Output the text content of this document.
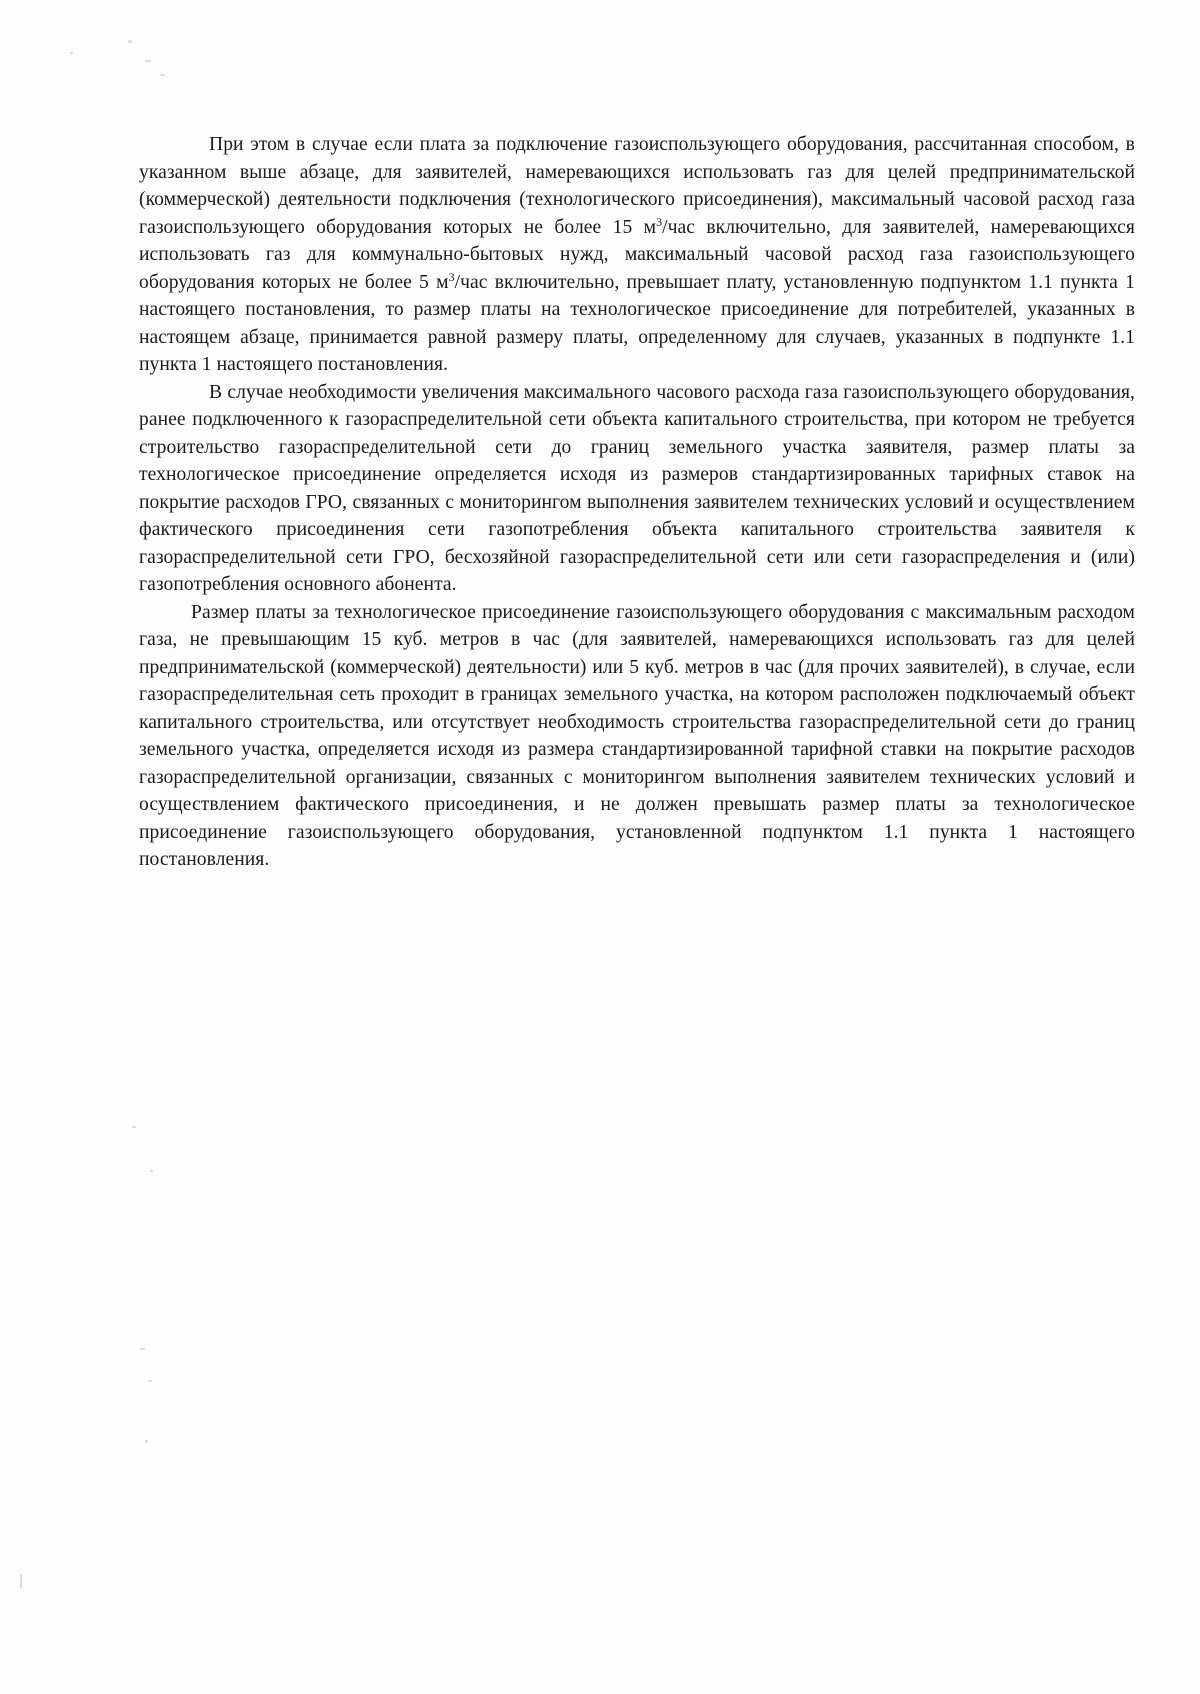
При этом в случае если плата за подключение газоиспользующего оборудования, рассчитанная способом, в указанном выше абзаце, для заявителей, намеревающихся использовать газ для целей предпринимательской (коммерческой) деятельности подключения (технологического присоединения), максимальный часовой расход газа газоиспользующего оборудования которых не более 15 $м^3$/час включительно, для заявителей, намеревающихся использовать газ для коммунально-бытовых нужд, максимальный часовой расход газа газоиспользующего оборудования которых не более 5 $м^3$/час включительно, превышает плату, установленную подпунктом 1.1 пункта 1 настоящего постановления, то размер платы на технологическое присоединение для потребителей, указанных в настоящем абзаце, принимается равной размеру платы, определенному для случаев, указанных в подпункте 1.1 пункта 1 настоящего постановления.

В случае необходимости увеличения максимального часового расхода газа газоиспользующего оборудования, ранее подключенного к газораспределительной сети объекта капитального строительства, при котором не требуется строительство газораспределительной сети до границ земельного участка заявителя, размер платы за технологическое присоединение определяется исходя из размеров стандартизированных тарифных ставок на покрытие расходов ГРО, связанных с мониторингом выполнения заявителем технических условий и осуществлением фактического присоединения сети газопотребления объекта капитального строительства заявителя к газораспределительной сети ГРО, бесхозяйной газораспределительной сети или сети газораспределения и (или) газопотребления основного абонента.

Размер платы за технологическое присоединение газоиспользующего оборудования с максимальным расходом газа, не превышающим 15 куб. метров в час (для заявителей, намеревающихся использовать газ для целей предпринимательской (коммерческой) деятельности) или 5 куб. метров в час (для прочих заявителей), в случае, если газораспределительная сеть проходит в границах земельного участка, на котором расположен подключаемый объект капитального строительства, или отсутствует необходимость строительства газораспределительной сети до границ земельного участка, определяется исходя из размера стандартизированной тарифной ставки на покрытие расходов газораспределительной организации, связанных с мониторингом выполнения заявителем технических условий и осуществлением фактического присоединения, и не должен превышать размер платы за технологическое присоединение газоиспользующего оборудования, установленной подпунктом 1.1 пункта 1 настоящего постановления.
